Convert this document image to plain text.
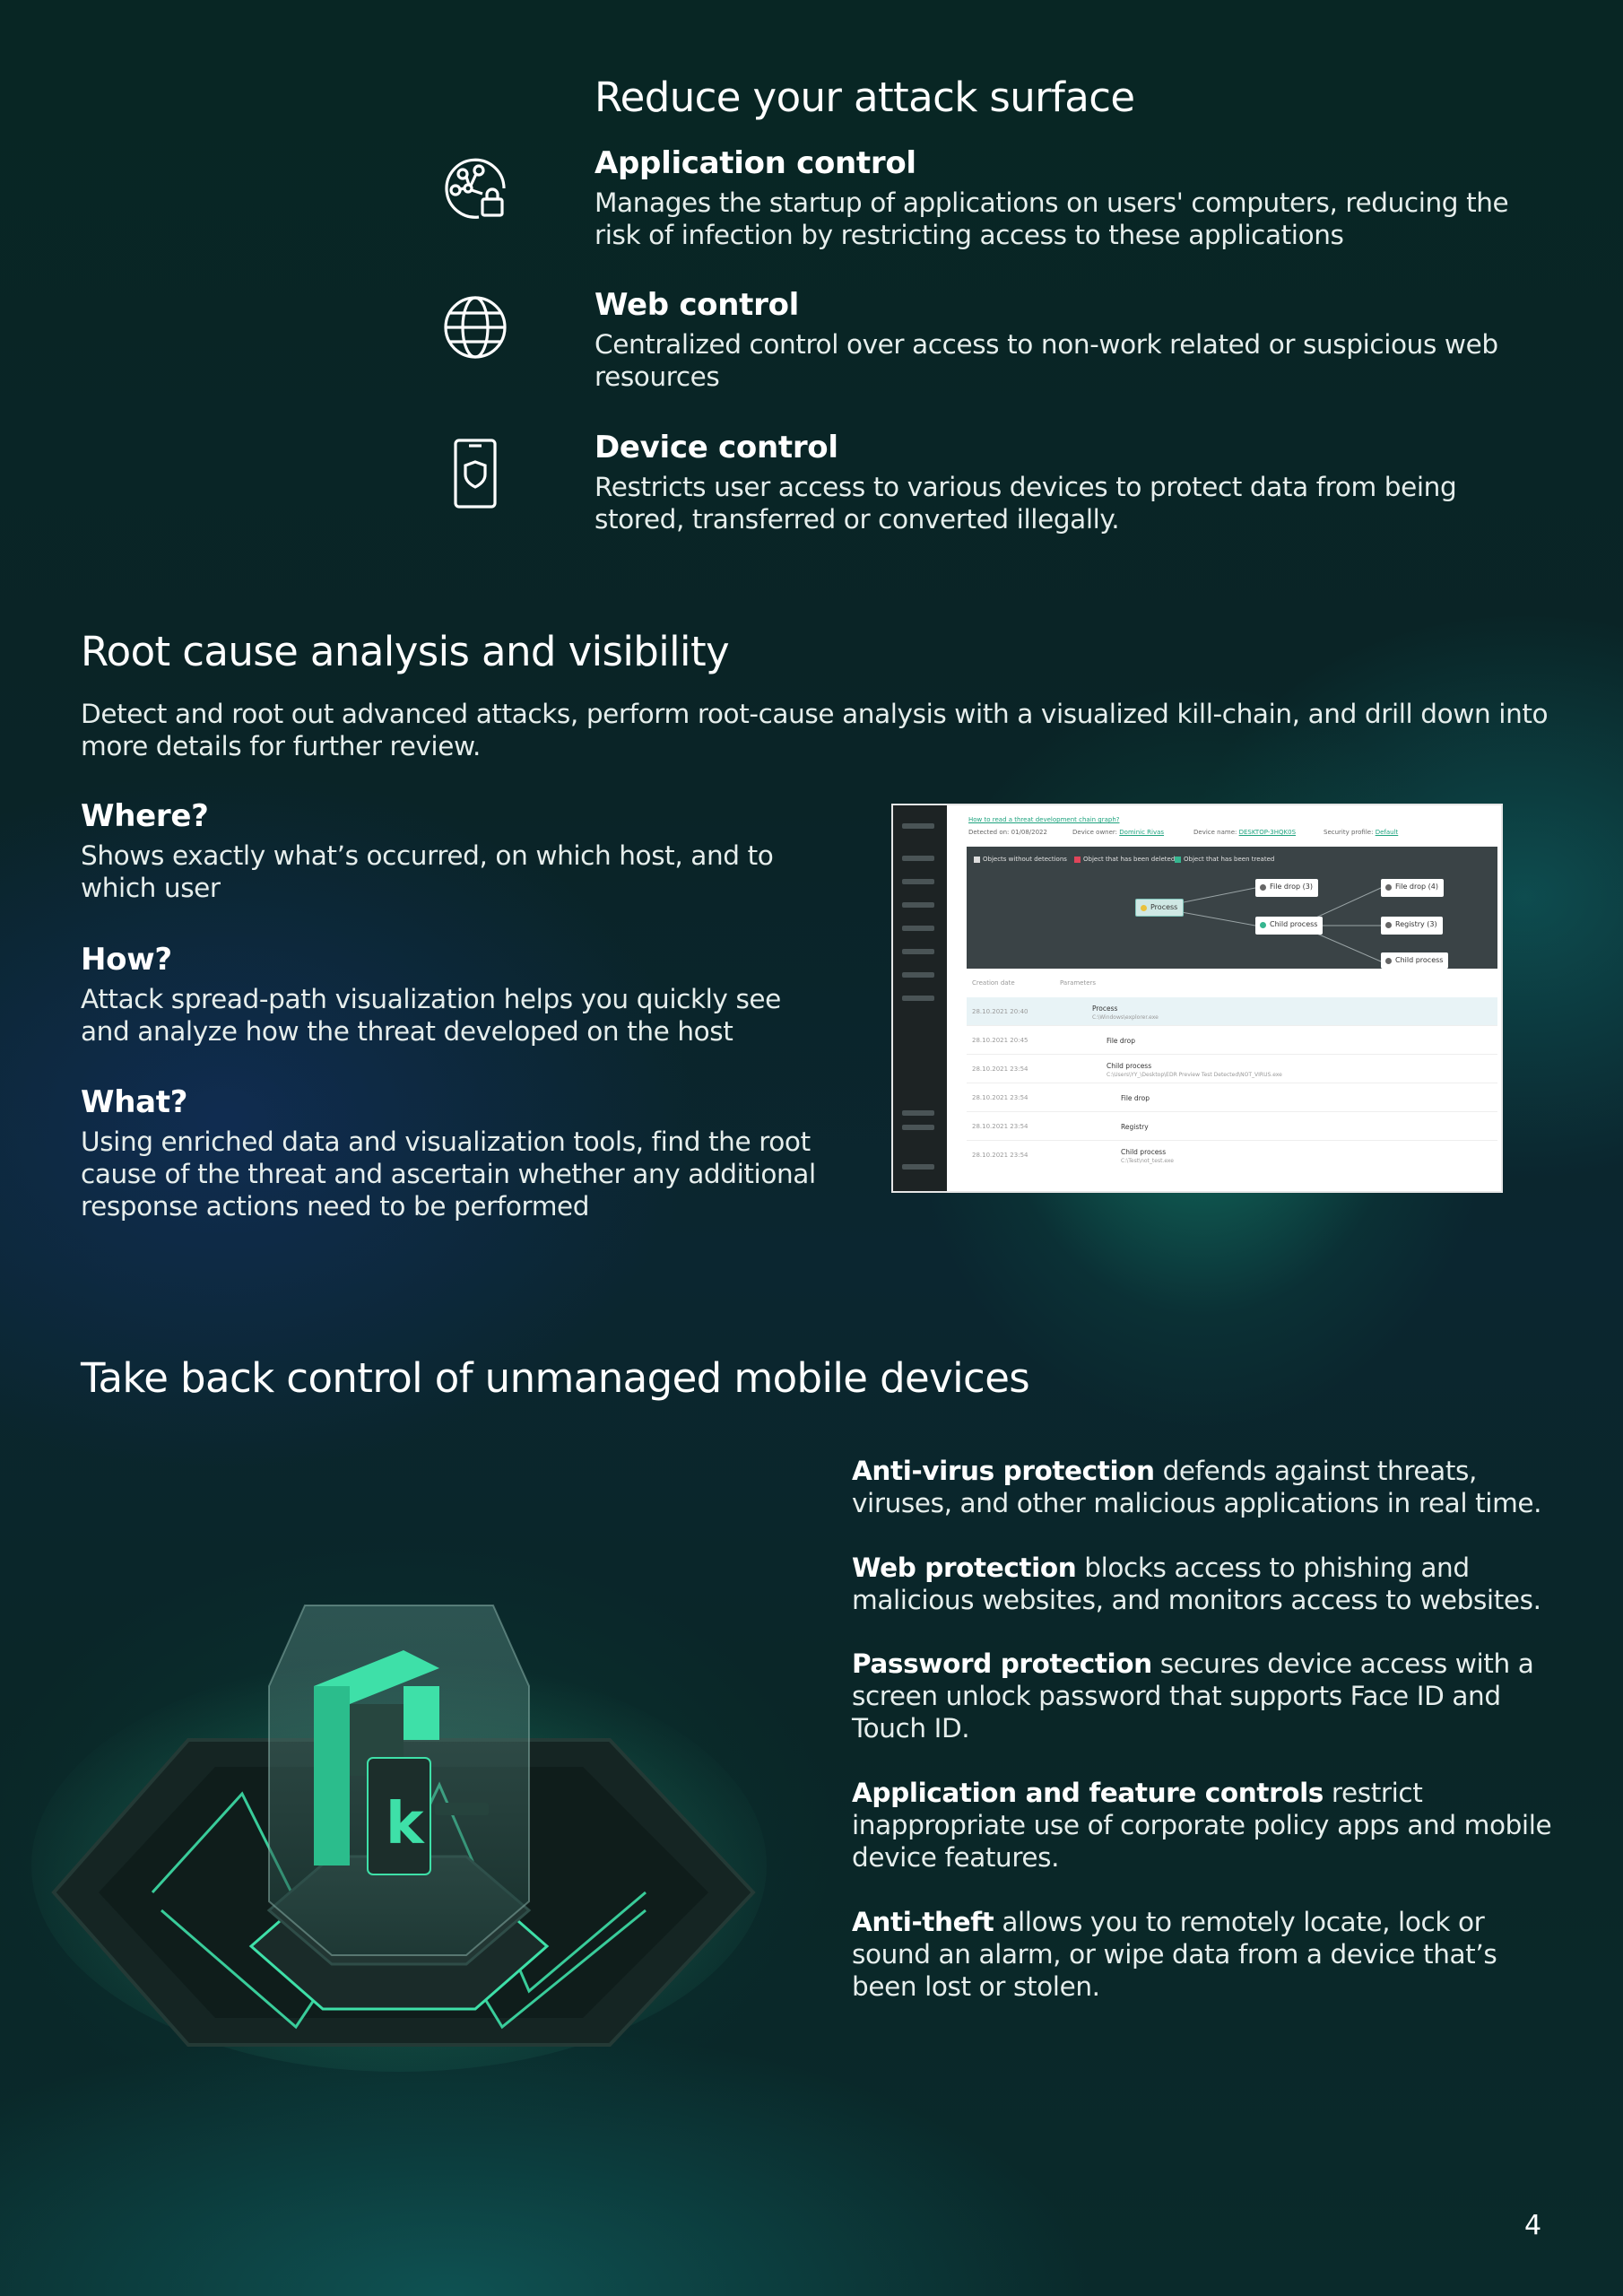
Reduce your attack surface
Application control

Manages the startup of applications on users' computers, reducing the risk of infection by restricting access to these applications

Web control

Centralized control over access to non-work related or suspicious web resources

Device control

Restricts user access to various devices to protect data from being stored, transferred or converted illegally.

Root cause analysis and visibility

Detect and root out advanced attacks, perform root-cause analysis with a visualized kill-chain, and drill down into more details for further review.

Where?

Shows exactly what’s occurred, on which host, and to which user

How?

Attack spread-path visualization helps you quickly see and analyze how the threat developed on the host

What?

Using enriched data and visualization tools, find the root cause of the threat and ascertain whether any additional response actions need to be performed

How to read a threat development chain graph?
Detected on: 01/08/2022	Device owner: Dominic Rivas	Device name: DESKTOP-3HQK0S	Security profile: Default
Objects without detections	Object that has been deleted	Object that has been treated
Process
File drop (3)
Child process
File drop (4)
Registry (3)
Child process
Creation date	Parameters
28.10.2021 20:40	Process
C:\Windows\explorer.exe
28.10.2021 20:45	File drop
28.10.2021 23:54	Child process
C:\Users\YY_\Desktop\EDR Preview Test Detected\NOT_VIRUS.exe
28.10.2021 23:54	File drop
28.10.2021 23:54	Registry
28.10.2021 23:54	Child process
C:\Test\not_test.exe
Take back control of unmanaged mobile devices
k
Anti-virus protection defends against threats, viruses, and other malicious applications in real time.
Web protection blocks access to phishing and malicious websites, and monitors access to websites.
Password protection secures device access with a screen unlock password that supports Face ID and Touch ID.
Application and feature controls restrict inappropriate use of corporate policy apps and mobile device features.
Anti-theft allows you to remotely locate, lock or sound an alarm, or wipe data from a device that’s been lost or stolen.
4
